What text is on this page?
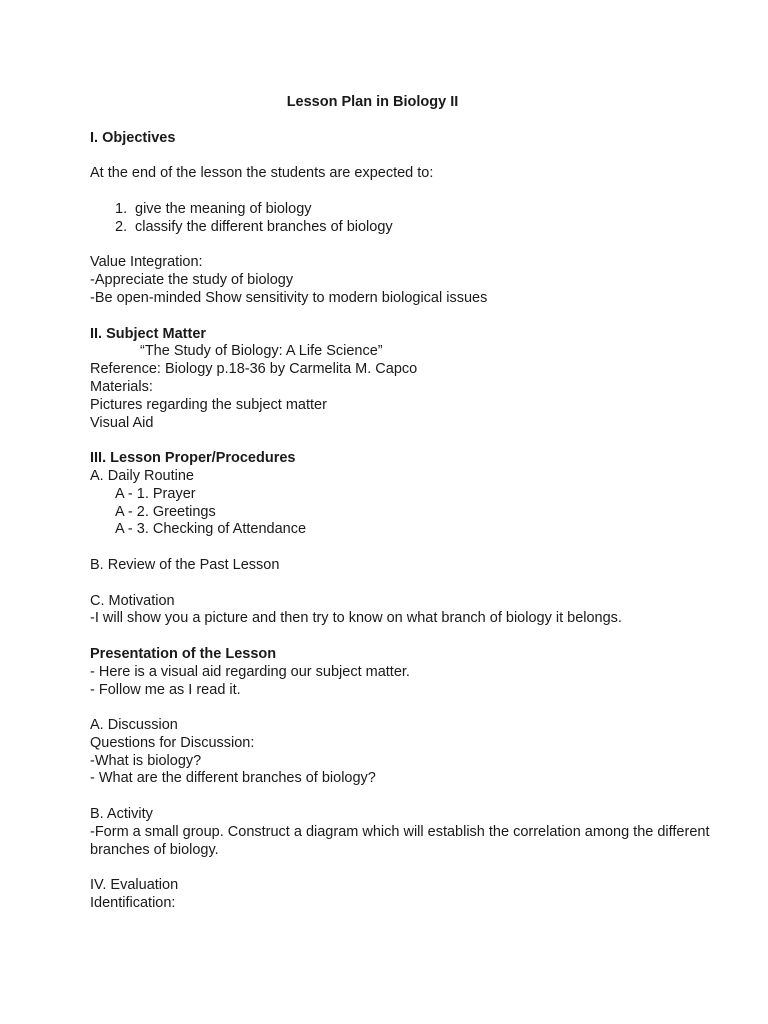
Lesson Plan in Biology II
I. Objectives
At the end of the lesson the students are expected to:
1. give the meaning of biology
2. classify the different branches of biology
Value Integration:
-Appreciate the study of biology
-Be open-minded Show sensitivity to modern biological issues
II. Subject Matter
“The Study of Biology: A Life Science”
Reference: Biology p.18-36 by Carmelita M. Capco
Materials:
Pictures regarding the subject matter
Visual Aid
III. Lesson Proper/Procedures
A. Daily Routine
A - 1. Prayer
A - 2. Greetings
A - 3. Checking of Attendance
B. Review of the Past Lesson
C. Motivation
-I will show you a picture and then try to know on what branch of biology it belongs.
Presentation of the Lesson
- Here is a visual aid regarding our subject matter.
- Follow me as I read it.
A. Discussion
Questions for Discussion:
-What is biology?
- What are the different branches of biology?
B. Activity
-Form a small group. Construct a diagram which will establish the correlation among the different branches of biology.
IV. Evaluation
Identification:
